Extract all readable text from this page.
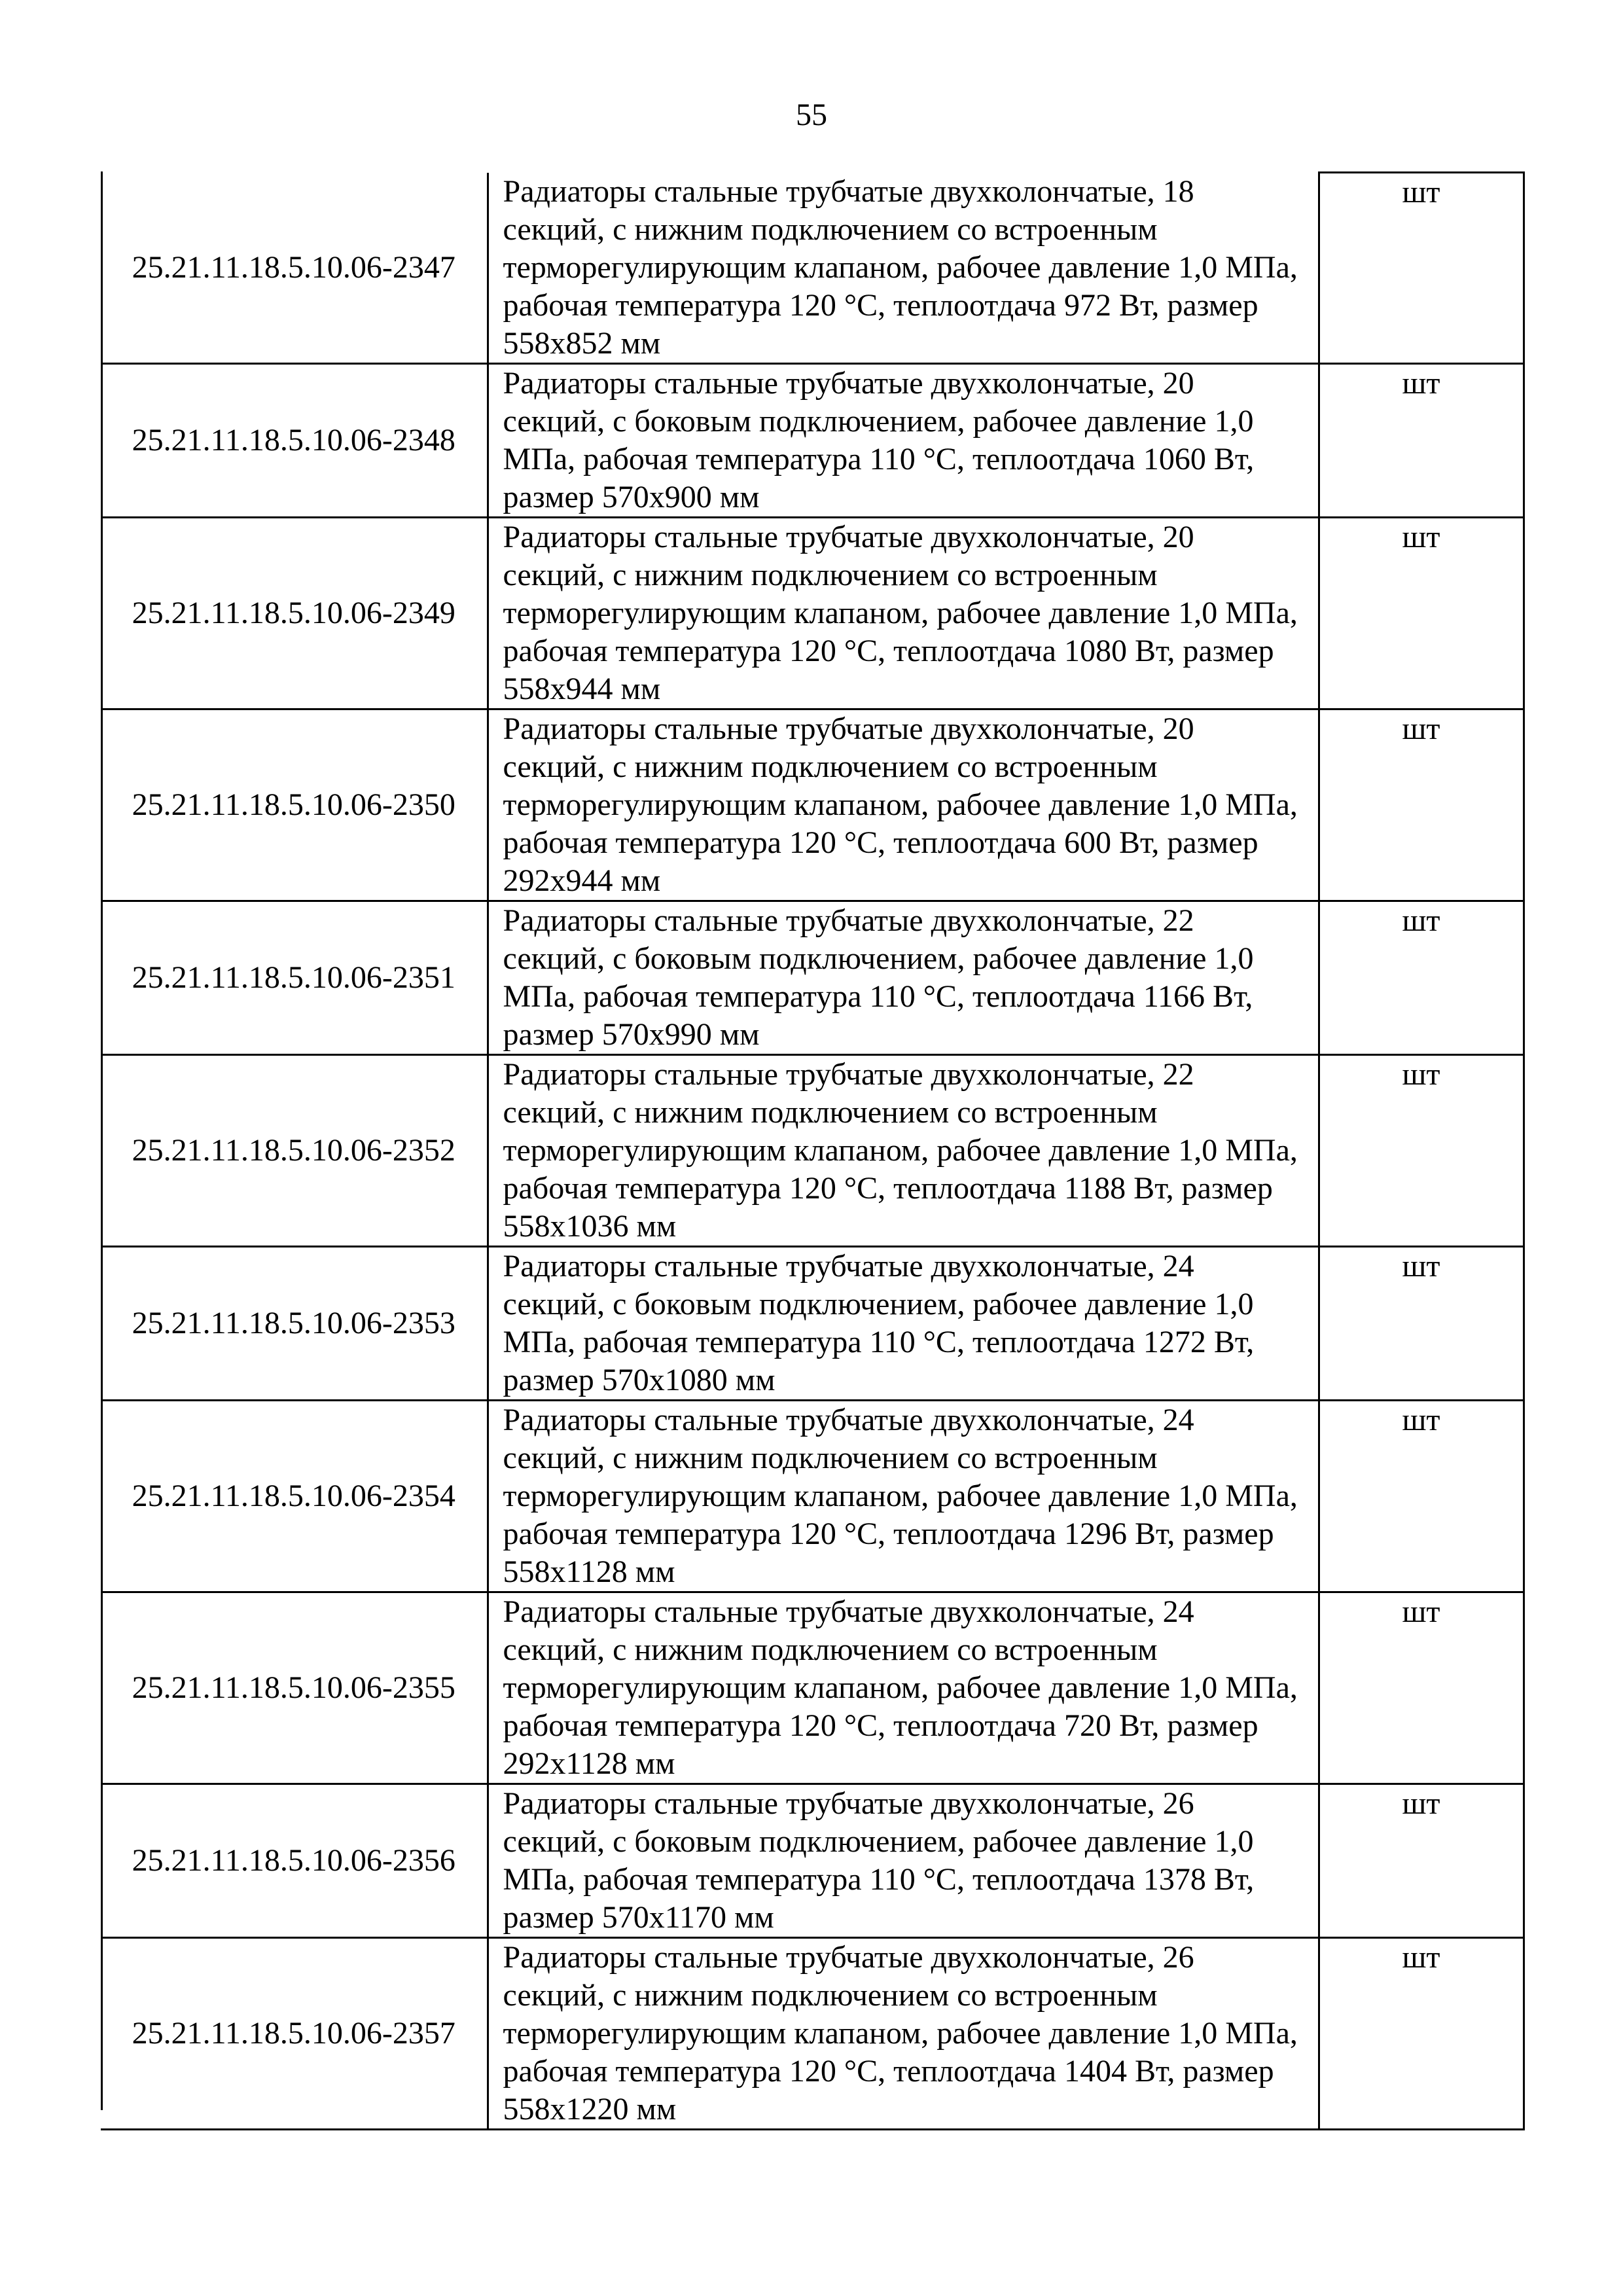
55
25.21.11.18.5.10.06-2347	Радиаторы стальные трубчатые двухколончатые, 18 секций, с нижним подключением со встроенным терморегулирующим клапаном, рабочее давление 1,0 МПа, рабочая температура 120 °C, теплоотдача 972 Вт, размер 558х852 мм	шт
25.21.11.18.5.10.06-2348	Радиаторы стальные трубчатые двухколончатые, 20 секций, с боковым подключением, рабочее давление 1,0 МПа, рабочая температура 110 °C, теплоотдача 1060 Вт, размер 570х900 мм	шт
25.21.11.18.5.10.06-2349	Радиаторы стальные трубчатые двухколончатые, 20 секций, с нижним подключением со встроенным терморегулирующим клапаном, рабочее давление 1,0 МПа, рабочая температура 120 °C, теплоотдача 1080 Вт, размер 558х944 мм	шт
25.21.11.18.5.10.06-2350	Радиаторы стальные трубчатые двухколончатые, 20 секций, с нижним подключением со встроенным терморегулирующим клапаном, рабочее давление 1,0 МПа, рабочая температура 120 °C, теплоотдача 600 Вт, размер 292х944 мм	шт
25.21.11.18.5.10.06-2351	Радиаторы стальные трубчатые двухколончатые, 22 секций, с боковым подключением, рабочее давление 1,0 МПа, рабочая температура 110 °C, теплоотдача 1166 Вт, размер 570х990 мм	шт
25.21.11.18.5.10.06-2352	Радиаторы стальные трубчатые двухколончатые, 22 секций, с нижним подключением со встроенным терморегулирующим клапаном, рабочее давление 1,0 МПа, рабочая температура 120 °C, теплоотдача 1188 Вт, размер 558х1036 мм	шт
25.21.11.18.5.10.06-2353	Радиаторы стальные трубчатые двухколончатые, 24 секций, с боковым подключением, рабочее давление 1,0 МПа, рабочая температура 110 °C, теплоотдача 1272 Вт, размер 570х1080 мм	шт
25.21.11.18.5.10.06-2354	Радиаторы стальные трубчатые двухколончатые, 24 секций, с нижним подключением со встроенным терморегулирующим клапаном, рабочее давление 1,0 МПа, рабочая температура 120 °C, теплоотдача 1296 Вт, размер 558х1128 мм	шт
25.21.11.18.5.10.06-2355	Радиаторы стальные трубчатые двухколончатые, 24 секций, с нижним подключением со встроенным терморегулирующим клапаном, рабочее давление 1,0 МПа, рабочая температура 120 °C, теплоотдача 720 Вт, размер 292х1128 мм	шт
25.21.11.18.5.10.06-2356	Радиаторы стальные трубчатые двухколончатые, 26 секций, с боковым подключением, рабочее давление 1,0 МПа, рабочая температура 110 °C, теплоотдача 1378 Вт, размер 570х1170 мм	шт
25.21.11.18.5.10.06-2357	Радиаторы стальные трубчатые двухколончатые, 26 секций, с нижним подключением со встроенным терморегулирующим клапаном, рабочее давление 1,0 МПа, рабочая температура 120 °C, теплоотдача 1404 Вт, размер 558х1220 мм	шт
